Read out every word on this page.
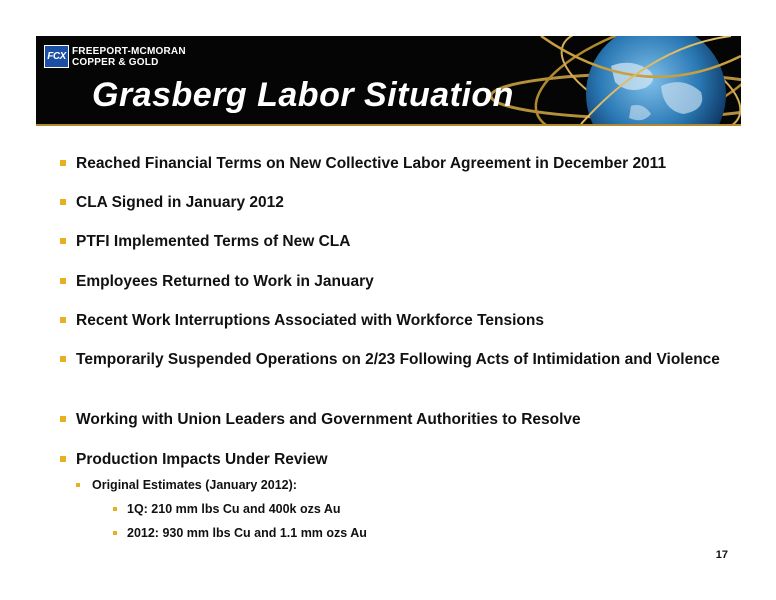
FCX FREEPORT-MCMORAN
COPPER & GOLD
Grasberg Labor Situation
Reached Financial Terms on New Collective Labor Agreement in December 2011
CLA Signed in January 2012
PTFI Implemented Terms of New CLA
Employees Returned to Work in January
Recent Work Interruptions Associated with Workforce Tensions
Temporarily Suspended Operations on 2/23 Following Acts of Intimidation and Violence
Working with Union Leaders and Government Authorities to Resolve
Production Impacts Under Review
Original Estimates (January 2012):
1Q: 210 mm lbs Cu and 400k ozs Au
2012: 930 mm lbs Cu and 1.1 mm ozs Au
17
